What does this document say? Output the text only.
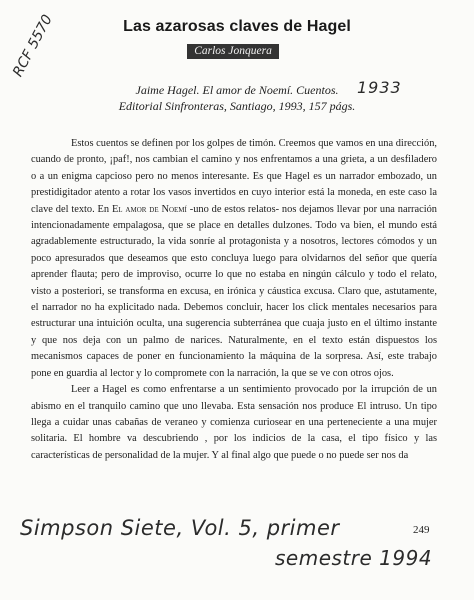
Las azarosas claves de Hagel
Carlos Jonquera
RCF 5570
1933
Jaime Hagel. El amor de Noemí. Cuentos.
Editorial Sinfronteras, Santiago, 1993, 157 págs.

Estos cuentos se definen por los golpes de timón. Creemos que vamos en una dirección, cuando de pronto, ¡paf!, nos cambian el camino y nos enfrentamos a una grieta, a un desfiladero o a un enigma capcioso pero no menos interesante. Es que Hagel es un narrador embozado, un prestidigitador atento a rotar los vasos invertidos en cuyo interior está la moneda, en este caso la clave del texto. En El amor de Noemí -uno de estos relatos- nos dejamos llevar por una narración intencionadamente empalagosa, que se place en detalles dulzones. Todo va bien, el mundo está agradablemente estructurado, la vida sonríe al protagonista y a nosotros, lectores cómodos y un poco apresurados que deseamos que esto concluya luego para olvidarnos del señor que quería aprender flauta; pero de improviso, ocurre lo que no estaba en ningún cálculo y todo el relato, visto a posteriori, se transforma en excusa, en irónica y cáustica excusa. Claro que, astutamente, el narrador no ha explicitado nada. Debemos concluir, hacer los click mentales necesarios para estructurar una intuición oculta, una sugerencia subterránea que cuaja justo en el último instante y que nos deja con un palmo de narices. Naturalmente, en el texto están dispuestos los mecanismos capaces de poner en funcionamiento la máquina de la sorpresa. Así, este trabajo pone en guardia al lector y lo compromete con la narración, la que se ve con otros ojos.

Leer a Hagel es como enfrentarse a un sentimiento provocado por la irrupción de un abismo en el tranquilo camino que uno llevaba. Esta sensación nos produce El intruso. Un tipo llega a cuidar unas cabañas de veraneo y comienza curiosear en una perteneciente a una mujer solitaria. El hombre va descubriendo , por los indicios de la casa, el tipo físico y las características de personalidad de la mujer. Y al final algo que puede o no puede ser nos da

Simpson Siete, Vol. 5, primer
semestre 1994
249
